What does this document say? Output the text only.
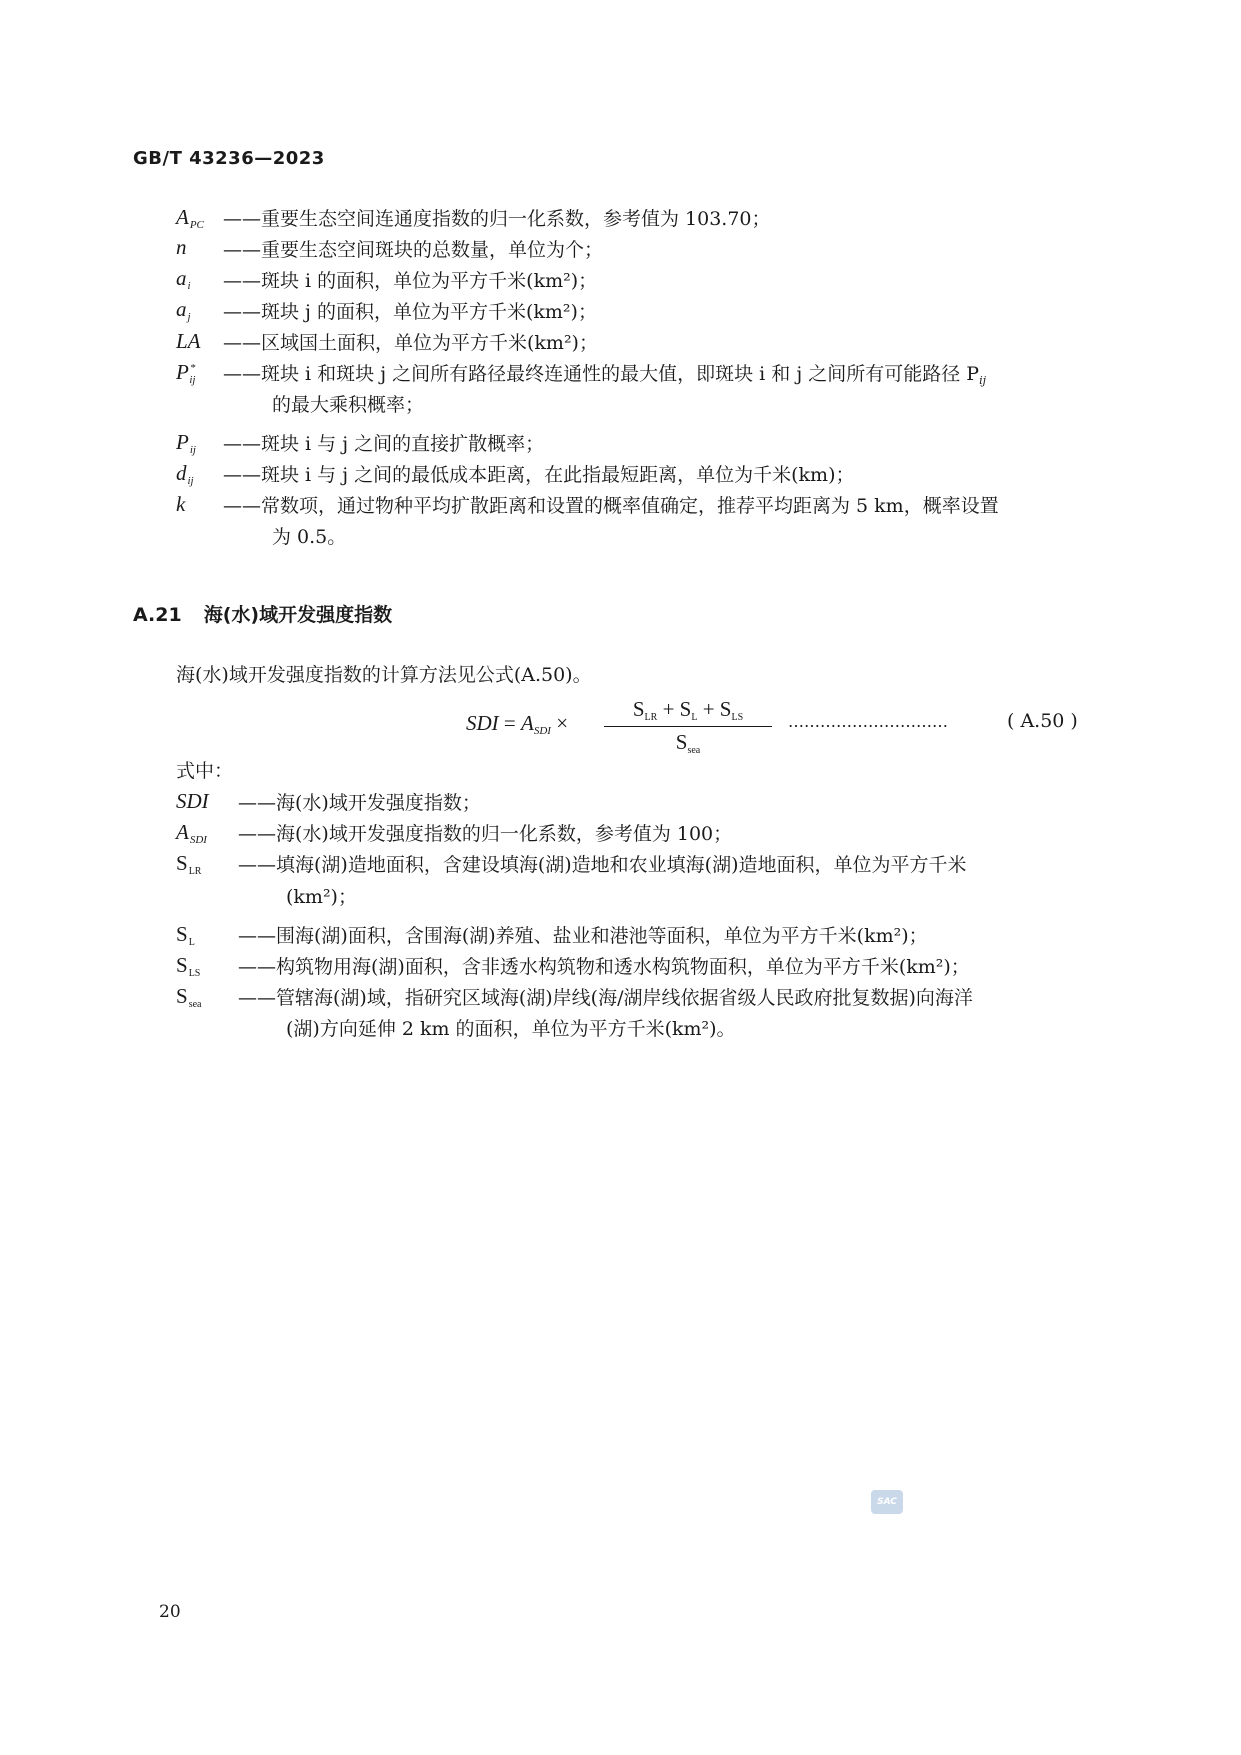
GB/T 43236—2023
$A_{PC}$ ——重要生态空间连通度指数的归一化系数，参考值为 103.70；
n ——重要生态空间斑块的总数量，单位为个；
$a_i$ ——斑块 i 的面积，单位为平方千米(km²)；
$a_j$ ——斑块 j 的面积，单位为平方千米(km²)；
LA ——区域国土面积，单位为平方千米(km²)；
$P^*_{ij}$ ——斑块 i 和斑块 j 之间所有路径最终连通性的最大值，即斑块 i 和 j 之间所有可能路径 $P_{ij}$
的最大乘积概率；
$P_{ij}$ ——斑块 i 与 j 之间的直接扩散概率；
$d_{ij}$ ——斑块 i 与 j 之间的最低成本距离，在此指最短距离，单位为千米(km)；
k ——常数项，通过物种平均扩散距离和设置的概率值确定，推荐平均距离为 5 km，概率设置
为 0.5。
A.21 海(水)域开发强度指数
海(水)域开发强度指数的计算方法见公式(A.50)。
SDI = $A_{SDI}$ ×
$S_{LR} + S_L + S_{LS}$
$S_{sea}$
…………………………	( A.50 )
式中：
SDI ——海(水)域开发强度指数；
$A_{SDI}$ ——海(水)域开发强度指数的归一化系数，参考值为 100；
SLR ——填海(湖)造地面积，含建设填海(湖)造地和农业填海(湖)造地面积，单位为平方千米
(km²)；
SL ——围海(湖)面积，含围海(湖)养殖、盐业和港池等面积，单位为平方千米(km²)；
SLS ——构筑物用海(湖)面积，含非透水构筑物和透水构筑物面积，单位为平方千米(km²)；
Ssea ——管辖海(湖)域，指研究区域海(湖)岸线(海/湖岸线依据省级人民政府批复数据)向海洋
(湖)方向延伸 2 km 的面积，单位为平方千米(km²)。
SAC
20
